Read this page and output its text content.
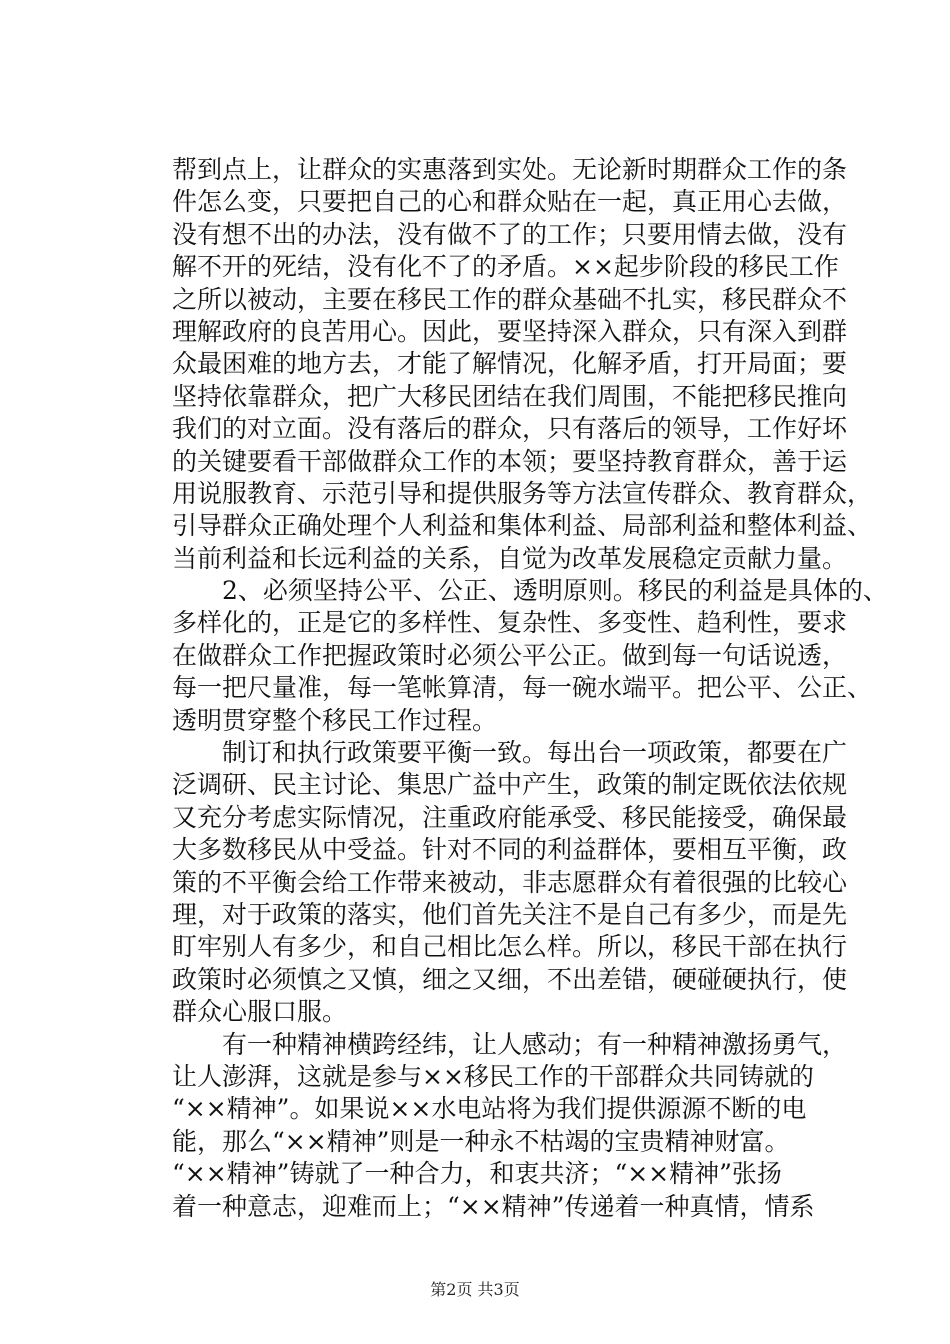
帮到点上，让群众的实惠落到实处。无论新时期群众工作的条
件怎么变，只要把自己的心和群众贴在一起，真正用心去做，
没有想不出的办法，没有做不了的工作；只要用情去做，没有
解不开的死结，没有化不了的矛盾。××起步阶段的移民工作
之所以被动，主要在移民工作的群众基础不扎实，移民群众不
理解政府的良苦用心。因此，要坚持深入群众，只有深入到群
众最困难的地方去，才能了解情况，化解矛盾，打开局面；要
坚持依靠群众，把广大移民团结在我们周围，不能把移民推向
我们的对立面。没有落后的群众，只有落后的领导，工作好坏
的关键要看干部做群众工作的本领；要坚持教育群众，善于运
用说服教育、示范引导和提供服务等方法宣传群众、教育群众，
引导群众正确处理个人利益和集体利益、局部利益和整体利益、
当前利益和长远利益的关系，自觉为改革发展稳定贡献力量。
　　2、必须坚持公平、公正、透明原则。移民的利益是具体的、
多样化的，正是它的多样性、复杂性、多变性、趋利性，要求
在做群众工作把握政策时必须公平公正。做到每一句话说透，
每一把尺量准，每一笔帐算清，每一碗水端平。把公平、公正、
透明贯穿整个移民工作过程。
　　制订和执行政策要平衡一致。每出台一项政策，都要在广
泛调研、民主讨论、集思广益中产生，政策的制定既依法依规
又充分考虑实际情况，注重政府能承受、移民能接受，确保最
大多数移民从中受益。针对不同的利益群体，要相互平衡，政
策的不平衡会给工作带来被动，非志愿群众有着很强的比较心
理，对于政策的落实，他们首先关注不是自己有多少，而是先
盯牢别人有多少，和自己相比怎么样。所以，移民干部在执行
政策时必须慎之又慎，细之又细，不出差错，硬碰硬执行，使
群众心服口服。
　　有一种精神横跨经纬，让人感动；有一种精神激扬勇气，
让人澎湃，这就是参与××移民工作的干部群众共同铸就的
“××精神”。如果说××水电站将为我们提供源源不断的电
能，那么“××精神”则是一种永不枯竭的宝贵精神财富。
“××精神”铸就了一种合力，和衷共济；“××精神”张扬
着一种意志，迎难而上；“××精神”传递着一种真情，情系
第2页 共3页
